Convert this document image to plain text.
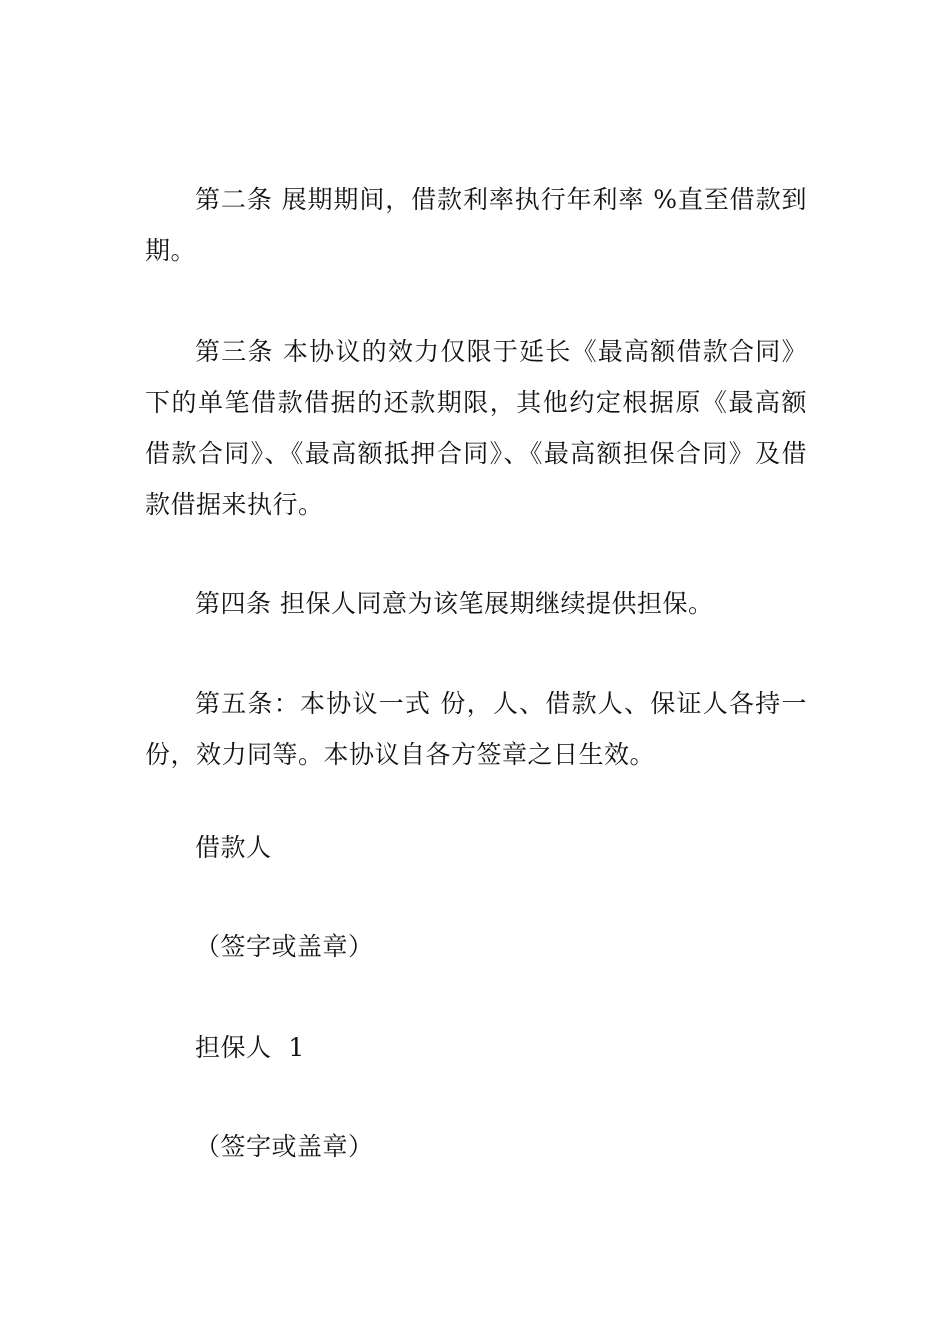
第二条 展期期间，借款利率执行年利率 %直至借款到期。

第三条 本协议的效力仅限于延长《最高额借款合同》下的单笔借款借据的还款期限，其他约定根据原《最高额借款合同》、《最高额抵押合同》、《最高额担保合同》及借款借据来执行。

第四条 担保人同意为该笔展期继续提供担保。

第五条：本协议一式 份，人、借款人、保证人各持一份，效力同等。本协议自各方签章之日生效。

借款人

（签字或盖章）

担保人  1

（签字或盖章）
